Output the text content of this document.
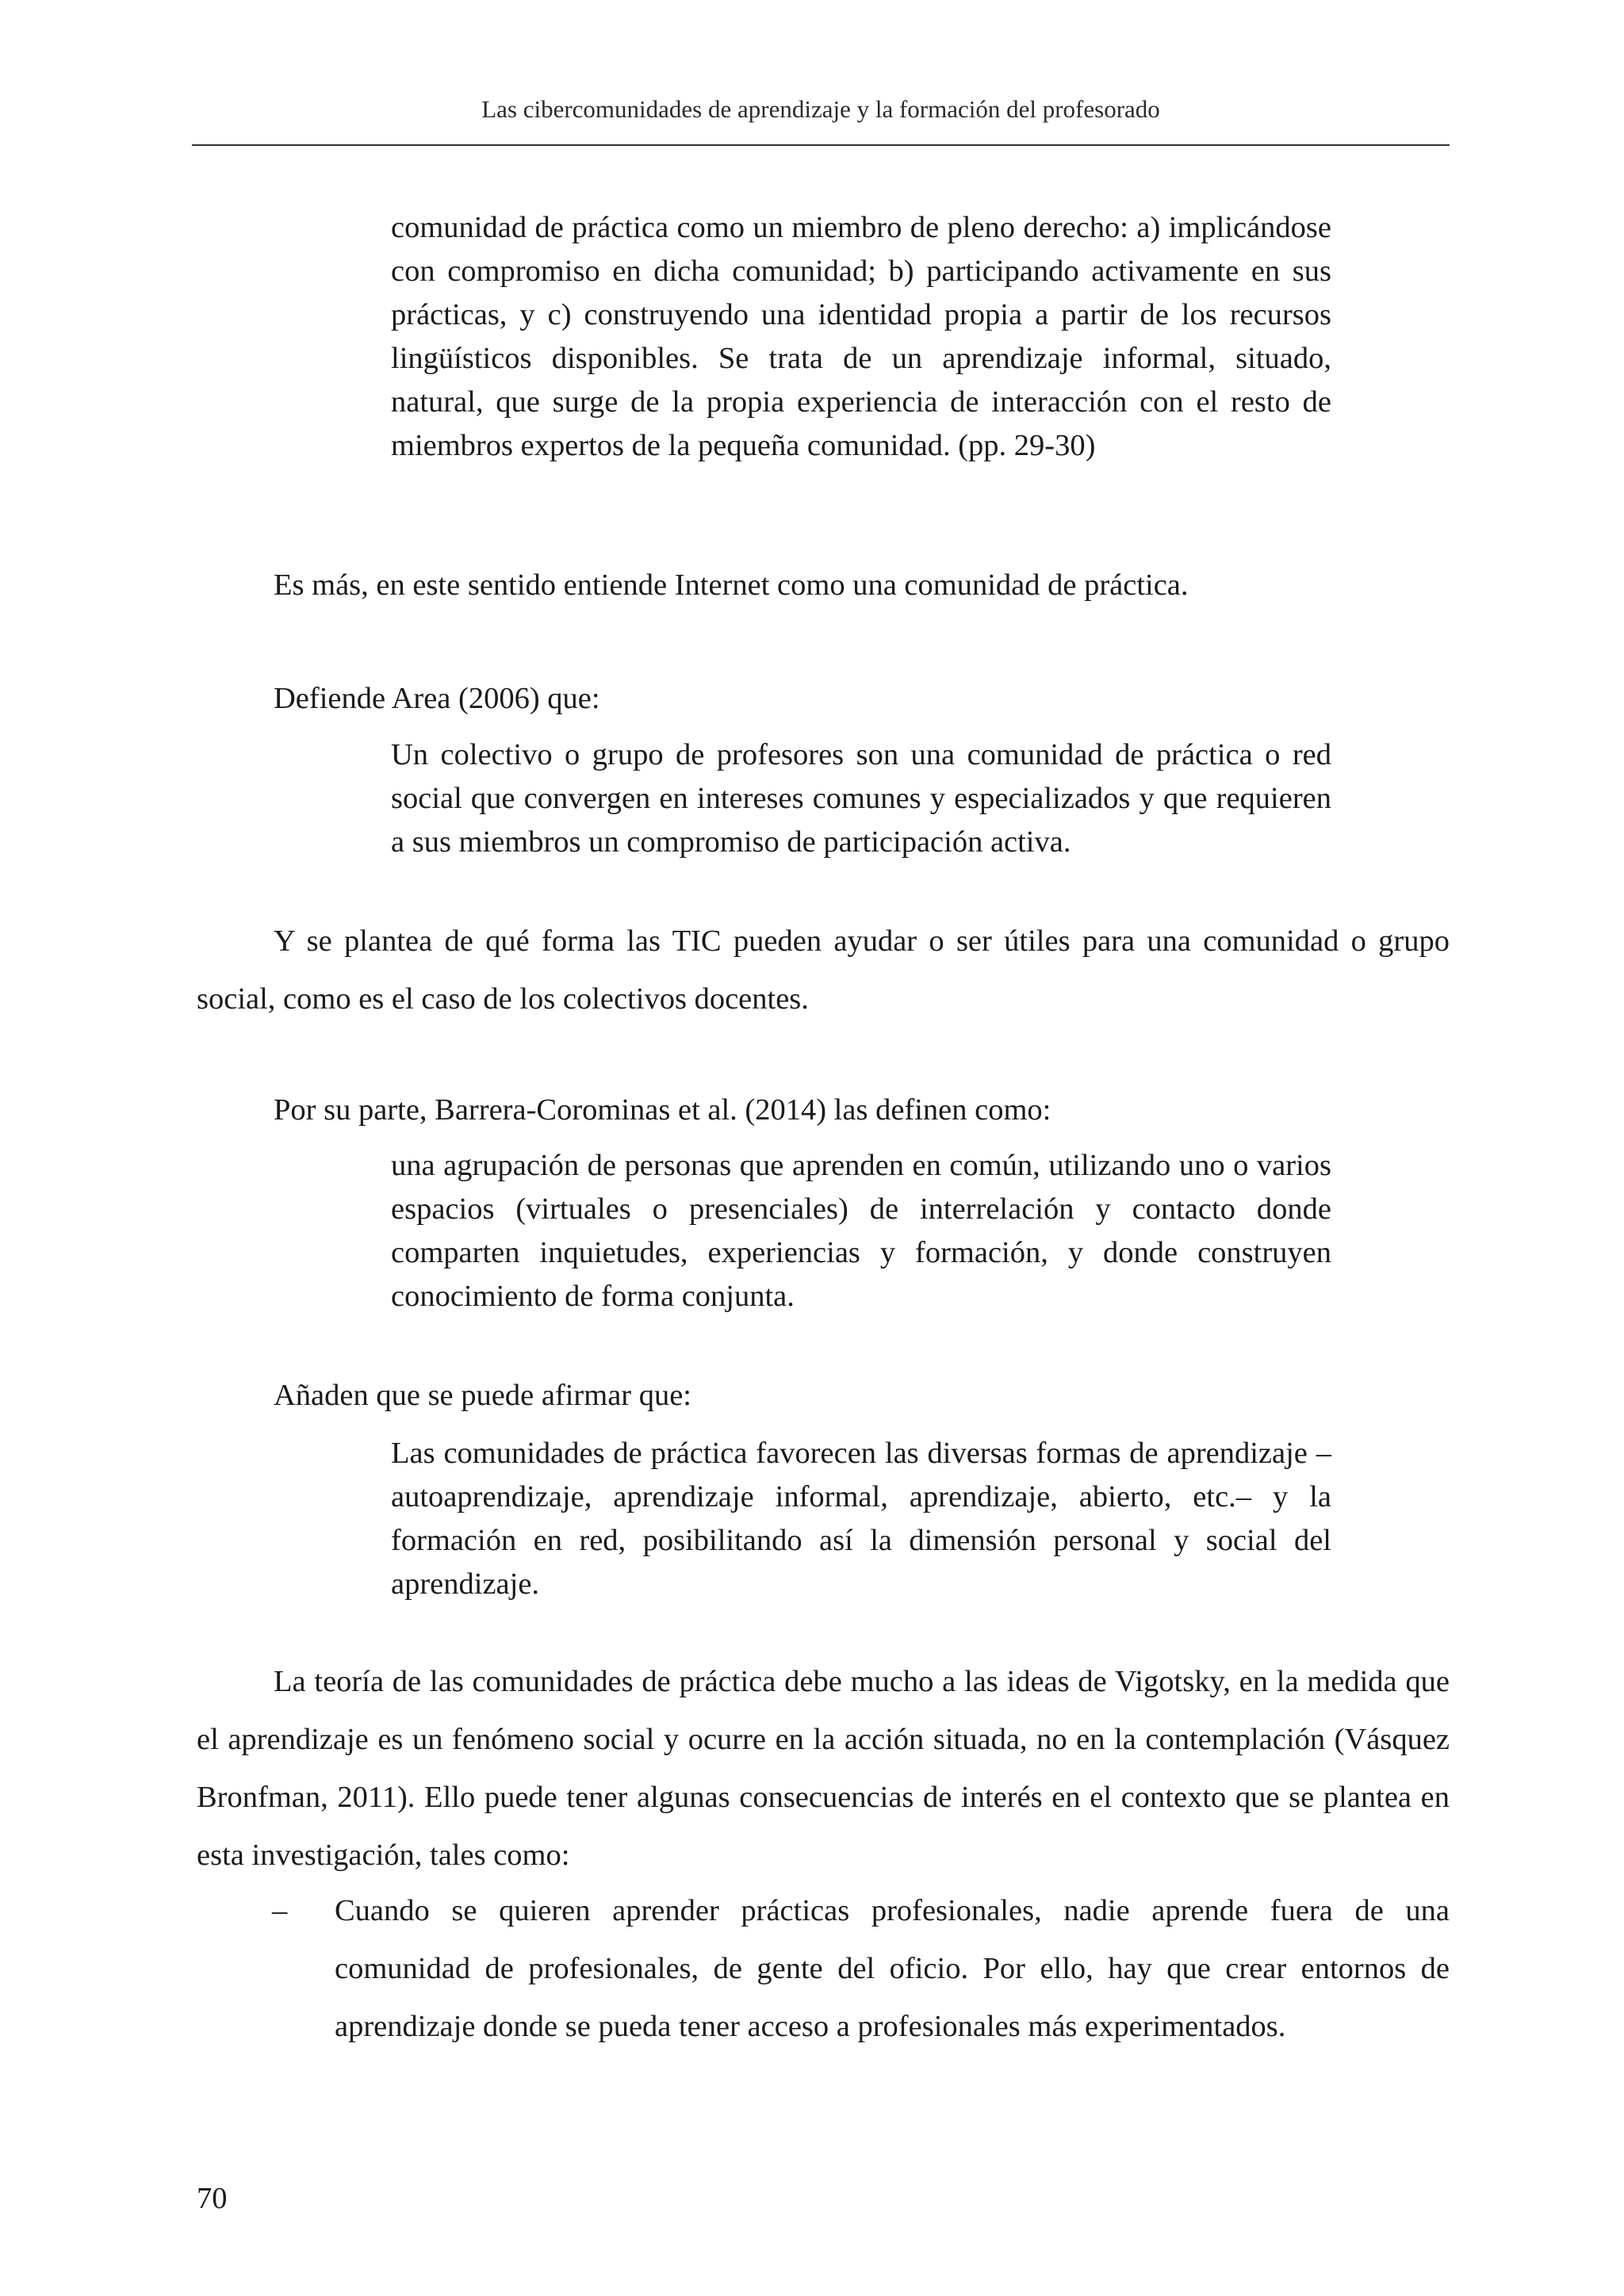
Las cibercomunidades de aprendizaje y la formación del profesorado
comunidad de práctica como un miembro de pleno derecho: a) implicándose con compromiso en dicha comunidad; b) participando activamente en sus prácticas, y c) construyendo una identidad propia a partir de los recursos lingüísticos disponibles. Se trata de un aprendizaje informal, situado, natural, que surge de la propia experiencia de interacción con el resto de miembros expertos de la pequeña comunidad. (pp. 29-30)
Es más, en este sentido entiende Internet como una comunidad de práctica.
Defiende Area (2006) que:
Un colectivo o grupo de profesores son una comunidad de práctica o red social que convergen en intereses comunes y especializados y que requieren a sus miembros un compromiso de participación activa.
Y se plantea de qué forma las TIC pueden ayudar o ser útiles para una comunidad o grupo social, como es el caso de los colectivos docentes.
Por su parte, Barrera-Corominas et al. (2014) las definen como:
una agrupación de personas que aprenden en común, utilizando uno o varios espacios (virtuales o presenciales) de interrelación y contacto donde comparten inquietudes, experiencias y formación, y donde construyen conocimiento de forma conjunta.
Añaden que se puede afirmar que:
Las comunidades de práctica favorecen las diversas formas de aprendizaje –autoaprendizaje, aprendizaje informal, aprendizaje, abierto, etc.– y la formación en red, posibilitando así la dimensión personal y social del aprendizaje.
La teoría de las comunidades de práctica debe mucho a las ideas de Vigotsky, en la medida que el aprendizaje es un fenómeno social y ocurre en la acción situada, no en la contemplación (Vásquez Bronfman, 2011). Ello puede tener algunas consecuencias de interés en el contexto que se plantea en esta investigación, tales como:
– Cuando se quieren aprender prácticas profesionales, nadie aprende fuera de una comunidad de profesionales, de gente del oficio. Por ello, hay que crear entornos de aprendizaje donde se pueda tener acceso a profesionales más experimentados.
70
